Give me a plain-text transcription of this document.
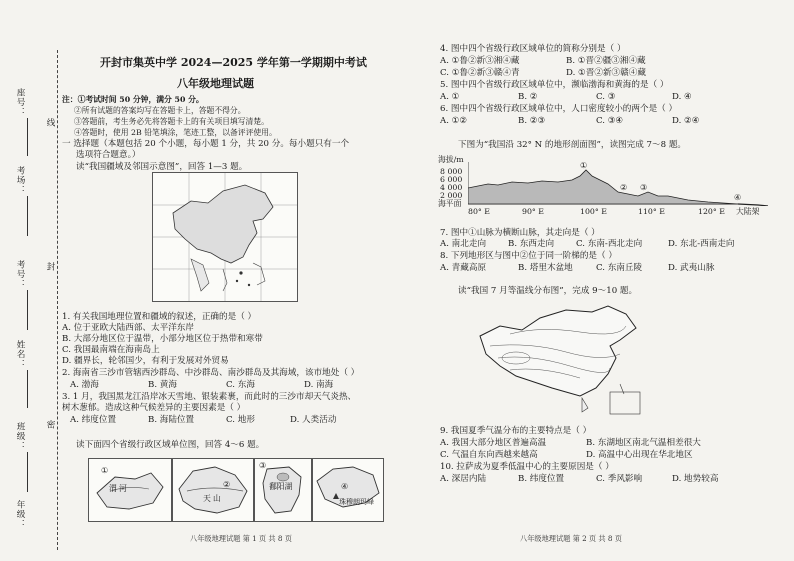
座号：
考场：
考号：
姓名：
班级：
年级：
线
封
密
开封市集英中学 2024—2025 学年第一学期期中考试
八年级地理试题
注：①考试时间 50 分钟，满分 50 分。
②所有试题的答案均写在答题卡上，答题不得分。
③答题前，考生务必先将答题卡上的有关项目填写清楚。
④答题时，使用 2B 铅笔填涂，笔迹工整，以备评评使用。
一 选择题（本题包括 20 个小题，每小题 1 分，共 20 分。每小题只有一个
选项符合题意。）
读“我国疆域及邻国示意图”，回答 1—3 题。
1. 有关我国地理位置和疆域的叙述，正确的是（ ）
A. 位于亚欧大陆西部、太平洋东岸
B. 大部分地区位于温带，小部分地区位于热带和寒带
C. 我国最南端在海南岛上
D. 疆界长，轮邻国少，有利于发展对外贸易
2. 海南省三沙市管辖西沙群岛、中沙群岛、南沙群岛及其海域，该市地处（ ）
A. 渤海	B. 黄海	C. 东海	D. 南海
3. 1 月，我国黑龙江沿岸冰天雪地、银装素裹，而此时的三沙市却天气炎热、
树木葱郁。造成这种气候差异的主要因素是（ ）
A. 纬度位置	B. 海陆位置	C. 地形	D. 人类活动
读下面四个省级行政区域单位图，回答 4～6 题。
①
渭 河	②
天 山
③
鄱阳湖	④
珠穆朗玛峰
八年级地理试题 第 1 页 共 8 页
4. 图中四个省级行政区域单位的简称分别是（ ）
A. ①鲁②新③湘④藏	B. ①晋②疆③湘④藏
C. ①鲁②新③赣④青	D. ①晋②新③赣④藏
5. 图中四个省级行政区域单位中，濒临渤海和黄海的是（ ）
A. ①	B. ②	C. ③	D. ④
6. 图中四个省级行政区域单位中，人口密度较小的两个是（ ）
A. ①②	B. ②③	C. ③④	D. ②④
下图为“我国沿 32° N 的地形剖面图”，读图完成 7～8 题。
海拔/m
8 000
6 000
4 000
2 000
海平面
①
② ③
④
80° E	90° E	100° E	110° E	120° E 大陆架
7. 图中①山脉为横断山脉，其走向是（ ）
A. 南北走向	B. 东西走向	C. 东南-西北走向	D. 东北-西南走向
8. 下列地形区与图中②位于同一阶梯的是（ ）
A. 青藏高原	B. 塔里木盆地	C. 东南丘陵	D. 武夷山脉
读“我国 7 月等温线分布图”，完成 9～10 题。
9. 我国夏季气温分布的主要特点是（ ）
A. 我国大部分地区普遍高温	B. 东湖地区南北气温相差很大
C. 气温自东向西越来越高	D. 高温中心出现在华北地区
10. 拉萨成为夏季低温中心的主要原因是（ ）
A. 深居内陆	B. 纬度位置	C. 季风影响	D. 地势较高
八年级地理试题 第 2 页 共 8 页
